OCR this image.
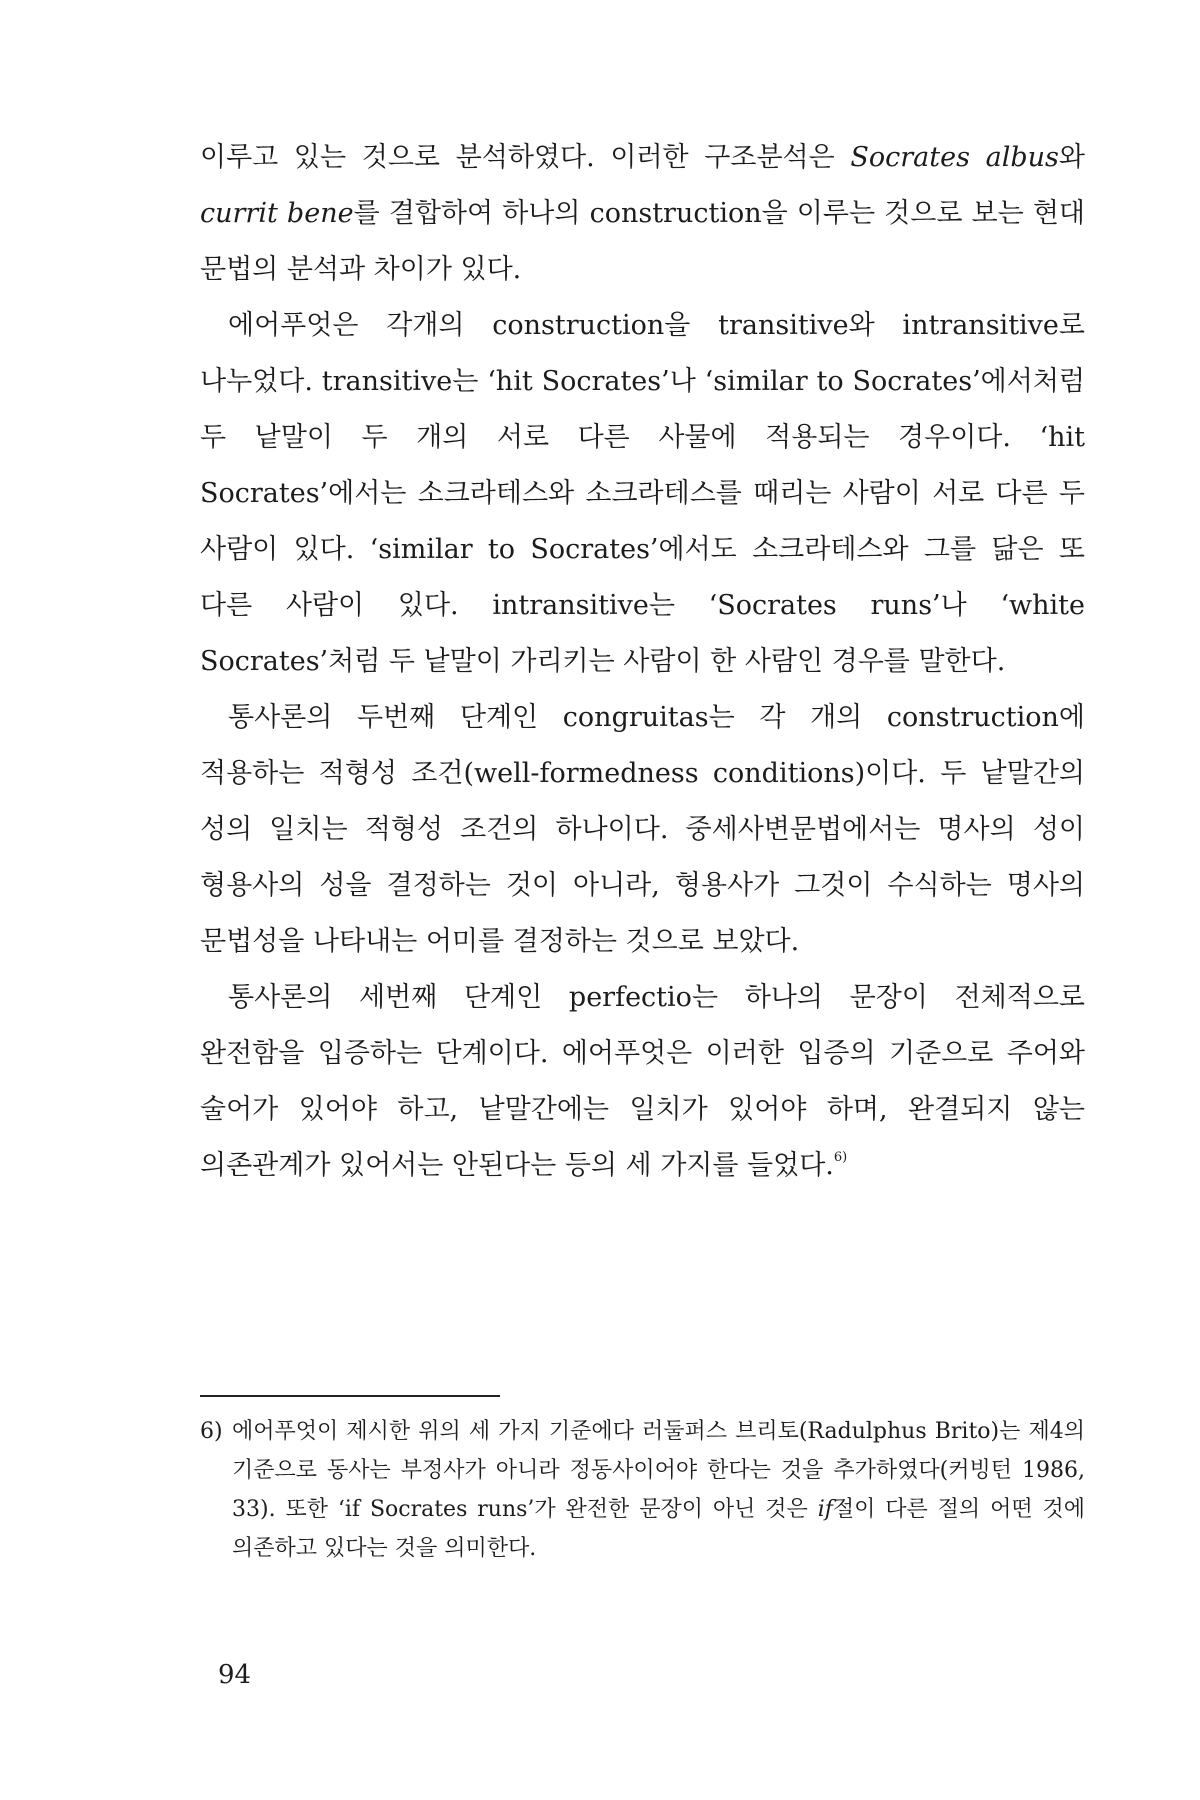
이루고 있는 것으로 분석하였다. 이러한 구조분석은 Socrates albus와 currit bene를 결합하여 하나의 construction을 이루는 것으로 보는 현대 문법의 분석과 차이가 있다.

에어푸엇은 각개의 construction을 transitive와 intransitive로 나누었다. transitive는 ‘hit Socrates’나 ‘similar to Socrates’에서처럼 두 낱말이 두 개의 서로 다른 사물에 적용되는 경우이다. ‘hit Socrates’에서는 소크라테스와 소크라테스를 때리는 사람이 서로 다른 두 사람이 있다. ‘similar to Socrates’에서도 소크라테스와 그를 닮은 또 다른 사람이 있다. intransitive는 ‘Socrates runs’나 ‘white Socrates’처럼 두 낱말이 가리키는 사람이 한 사람인 경우를 말한다.

통사론의 두번째 단계인 congruitas는 각 개의 construction에 적용하는 적형성 조건(well-formedness conditions)이다. 두 낱말간의 성의 일치는 적형성 조건의 하나이다. 중세사변문법에서는 명사의 성이 형용사의 성을 결정하는 것이 아니라, 형용사가 그것이 수식하는 명사의 문법성을 나타내는 어미를 결정하는 것으로 보았다.

통사론의 세번째 단계인 perfectio는 하나의 문장이 전체적으로 완전함을 입증하는 단계이다. 에어푸엇은 이러한 입증의 기준으로 주어와 술어가 있어야 하고, 낱말간에는 일치가 있어야 하며, 완결되지 않는 의존관계가 있어서는 안된다는 등의 세 가지를 들었다.$^{6)}$

6) 에어푸엇이 제시한 위의 세 가지 기준에다 러둘퍼스 브리토(Radulphus Brito)는 제4의 기준으로 동사는 부정사가 아니라 정동사이어야 한다는 것을 추가하였다(커빙턴 1986, 33). 또한 ‘if Socrates runs’가 완전한 문장이 아닌 것은 if절이 다른 절의 어떤 것에 의존하고 있다는 것을 의미한다.
94
